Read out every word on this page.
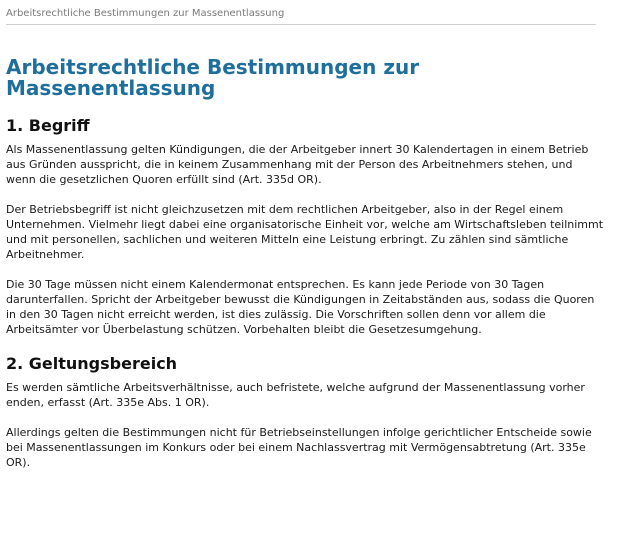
Arbeitsrechtliche Bestimmungen zur Massenentlassung
Arbeitsrechtliche Bestimmungen zur Massenentlassung
1. Begriff

Als Massenentlassung gelten Kündigungen, die der Arbeitgeber innert 30 Kalendertagen in einem Betrieb aus Gründen ausspricht, die in keinem Zusammenhang mit der Person des Arbeitnehmers stehen, und wenn die gesetzlichen Quoren erfüllt sind (Art. 335d OR).

Der Betriebsbegriff ist nicht gleichzusetzen mit dem rechtlichen Arbeitgeber, also in der Regel einem Unternehmen. Vielmehr liegt dabei eine organisatorische Einheit vor, welche am Wirtschaftsleben teilnimmt und mit personellen, sachlichen und weiteren Mitteln eine Leistung erbringt. Zu zählen sind sämtliche Arbeitnehmer.

Die 30 Tage müssen nicht einem Kalendermonat entsprechen. Es kann jede Periode von 30 Tagen darunterfallen. Spricht der Arbeitgeber bewusst die Kündigungen in Zeitabständen aus, sodass die Quoren in den 30 Tagen nicht erreicht werden, ist dies zulässig. Die Vorschriften sollen denn vor allem die Arbeitsämter vor Überbelastung schützen. Vorbehalten bleibt die Gesetzesumgehung.

2. Geltungsbereich

Es werden sämtliche Arbeitsverhältnisse, auch befristete, welche aufgrund der Massenentlassung vorher enden, erfasst (Art. 335e Abs. 1 OR).

Allerdings gelten die Bestimmungen nicht für Betriebseinstellungen infolge gerichtlicher Entscheide sowie bei Massenentlassungen im Konkurs oder bei einem Nachlassvertrag mit Vermögensabtretung (Art. 335e OR).
